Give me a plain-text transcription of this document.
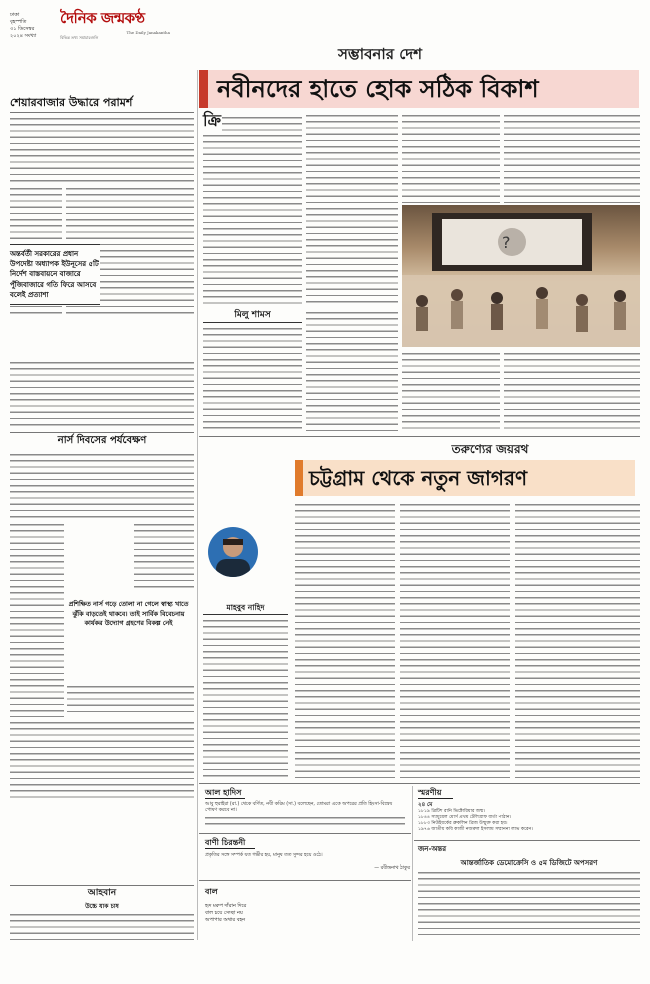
ঢাকা
বৃহস্পতি
৩১ ডিসেম্বর
২০২৪ সংখ্যা
দৈনিক জন্মকণ্ঠ
The Daily Janakantha
বিভিন্ন তথ্য সমাচারগুলি
সম্ভাবনার দেশ
নবীনদের হাতে হোক সঠিক বিকাশ
শেয়ারবাজার উদ্ধারে পরামর্শ
অন্তর্বর্তী সরকারের প্রধান উপদেষ্টা অধ্যাপক ইউনূসের ৫টি নির্দেশ বাস্তবায়নে বাজারে পুঁজিবাজারে গতি ফিরে আসবে বলেই প্রত্যাশা
নার্স দিবসের পর্যবেক্ষণ
প্রশিক্ষিত নার্স গড়ে তোলা না গেলে স্বাস্থ্য খাতে ঝুঁকি বাড়তেই থাকবে। তাই সার্বিক বিবেচনায় কার্যকর উদ্যোগ গ্রহণের বিকল্প নেই
আহবান
উচ্চে যাক চাষ
ক্রি
?
মিলু শামস
তরুণ্যের জয়রথ
চট্টগ্রাম থেকে নতুন জাগরণ
মাহবুব নাহিদ
আল হাদিস
আবু হুরাইরা (রা.) থেকে বর্ণিত, নবী করিম (সা.) বলেছেন, তোমরা একে অপরের প্রতি হিংসা-বিদ্বেষ পোষণ করবে না।
বাণী চিরন্তনী
প্রকৃতির সঙ্গে সম্পর্ক যত গভীর হয়, মানুষ তত সুন্দর হয়ে ওঠে।
— রবীন্দ্রনাথ ঠাকুর
বাল
হৃদ মরুপ দাঁরান দিরে
বাল চয়ে সেচ্ছা নয়
অপাপার অথার বহন
স্মরণীয়
২৪ মে
১৮১৯ ব্রিটিশ রানি ভিক্টোরিয়ার জন্ম।
১৮৪৪ স্যামুয়েল মোর্স প্রথম টেলিগ্রাফ বার্তা পাঠান।
১৮৮৩ নিউইয়র্কের ব্রুকলিন ব্রিজ উন্মুক্ত করা হয়।
১৯৭৬ জাতীয় কবি কাজী নজরুল ইসলাম সম্মাননা লাভ করেন।
জন-অন্তর
আন্তর্জাতিক ডেমোক্রেসি ও ৫ম ডিজিটে অপসরণ
